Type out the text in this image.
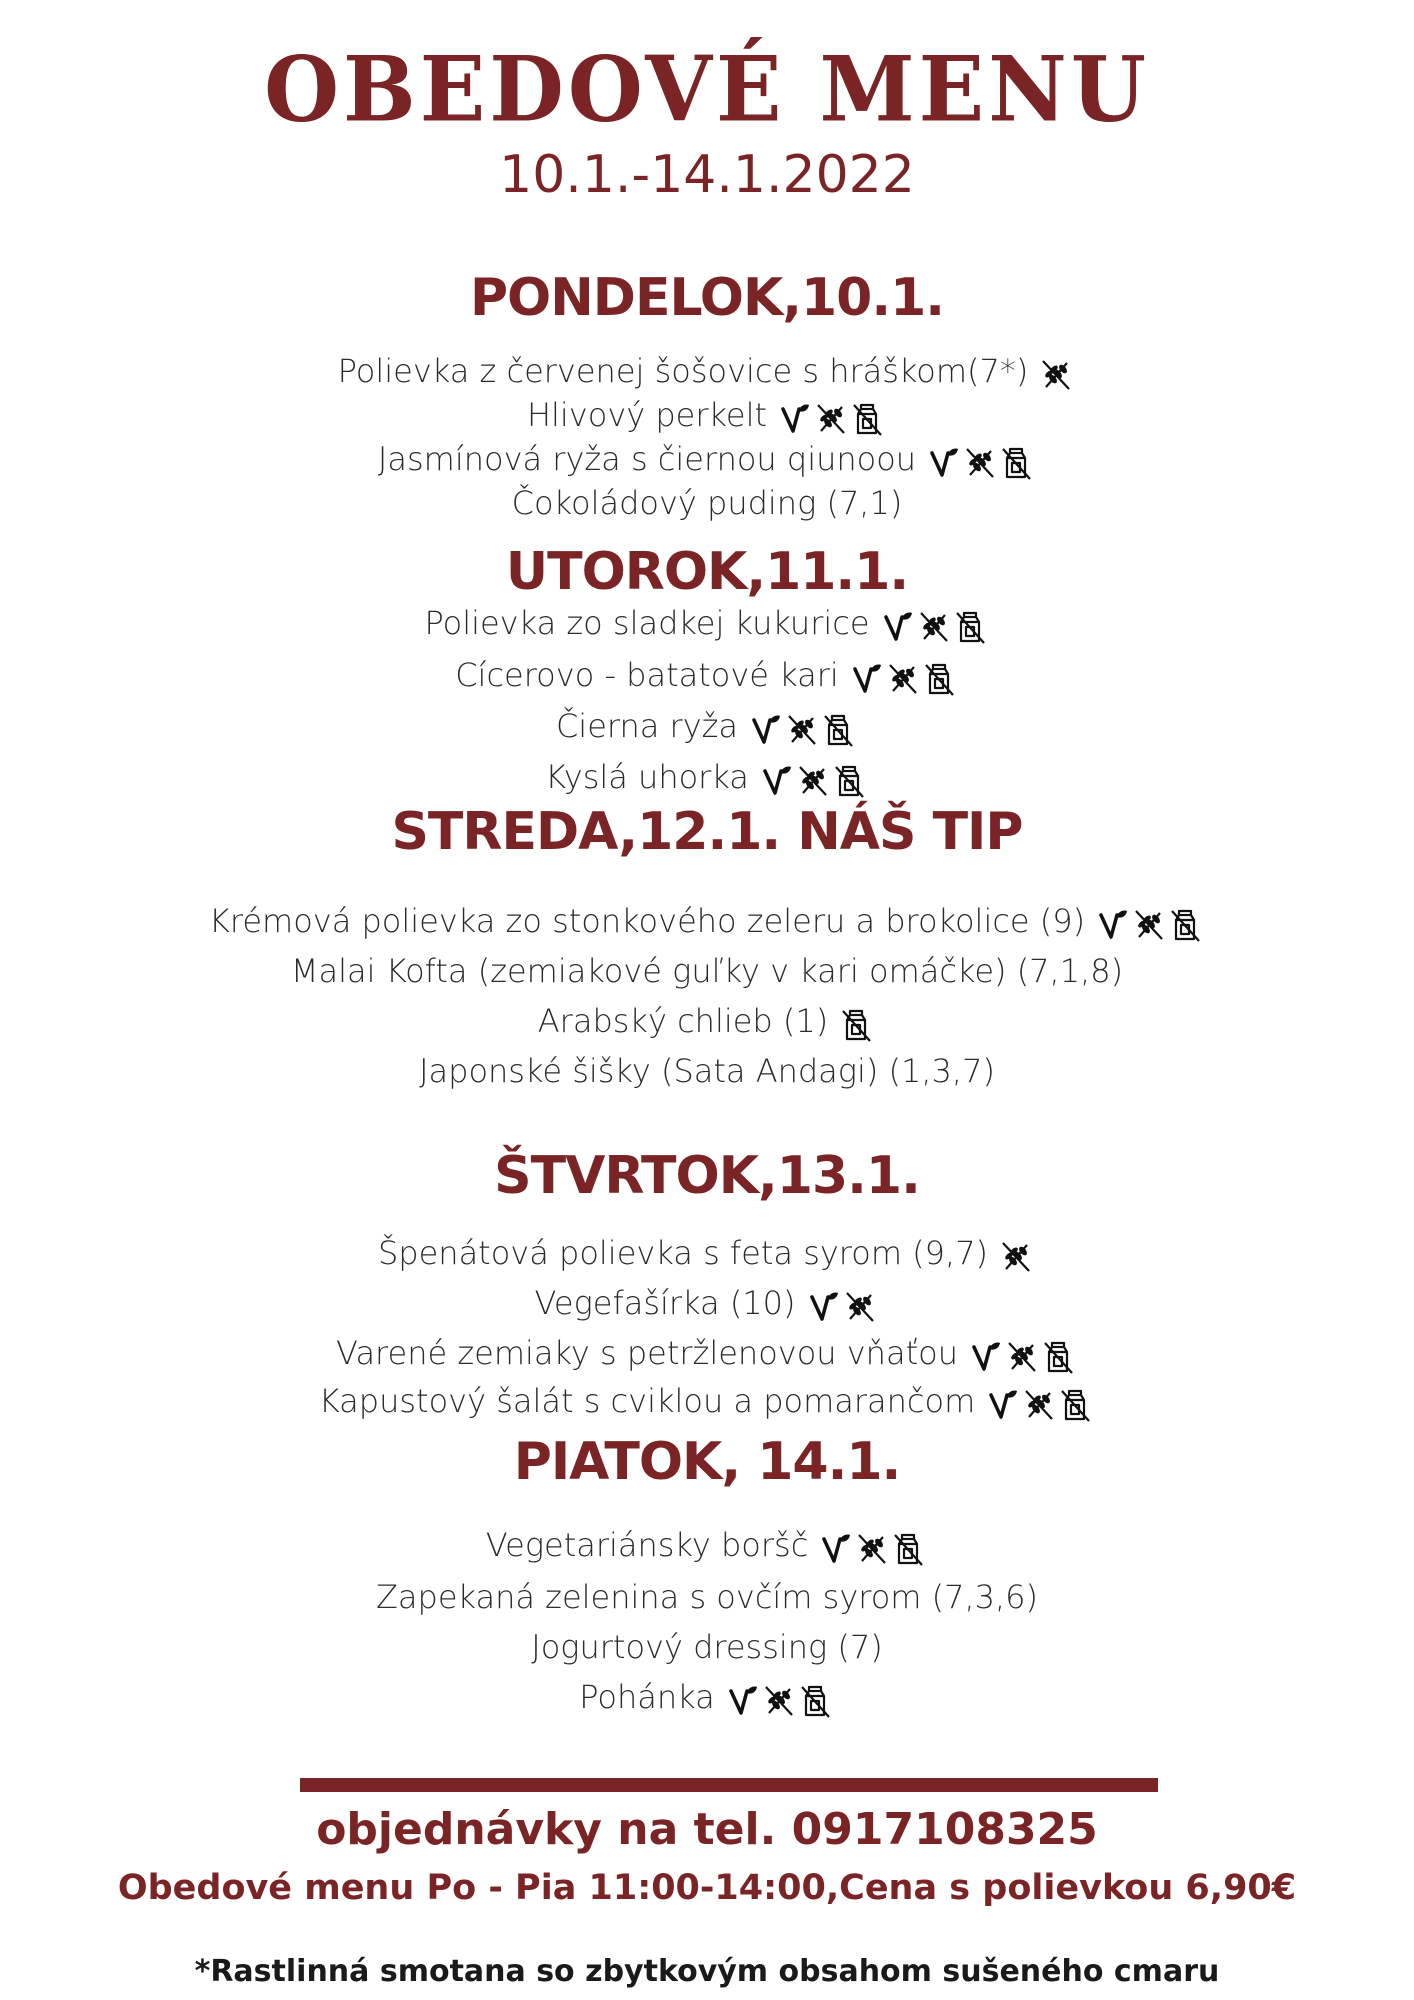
OBEDOVÉ MENU
10.1.-14.1.2022
PONDELOK,10.1.
Polievka z červenej šošovice s hráškom(7*)
Hlivový perkelt
Jasmínová ryža s čiernou qiunoou
Čokoládový puding (7,1)
UTOROK,11.1.
Polievka zo sladkej kukurice
Cícerovo - batatové kari
Čierna ryža
Kyslá uhorka
STREDA,12.1. NÁŠ TIP
Krémová polievka zo stonkového zeleru a brokolice (9)
Malai Kofta (zemiakové guľky v kari omáčke) (7,1,8)
Arabský chlieb (1)
Japonské šišky (Sata Andagi) (1,3,7)
ŠTVRTOK,13.1.
Špenátová polievka s feta syrom (9,7)
Vegefašírka (10)
Varené zemiaky s petržlenovou vňaťou
Kapustový šalát s cviklou a pomarančom
PIATOK, 14.1.
Vegetariánsky boršč
Zapekaná zelenina s ovčím syrom (7,3,6)
Jogurtový dressing (7)
Pohánka
objednávky na tel. 0917108325
Obedové menu Po - Pia 11:00-14:00,Cena s polievkou 6,90€
*Rastlinná smotana so zbytkovým obsahom sušeného cmaru
